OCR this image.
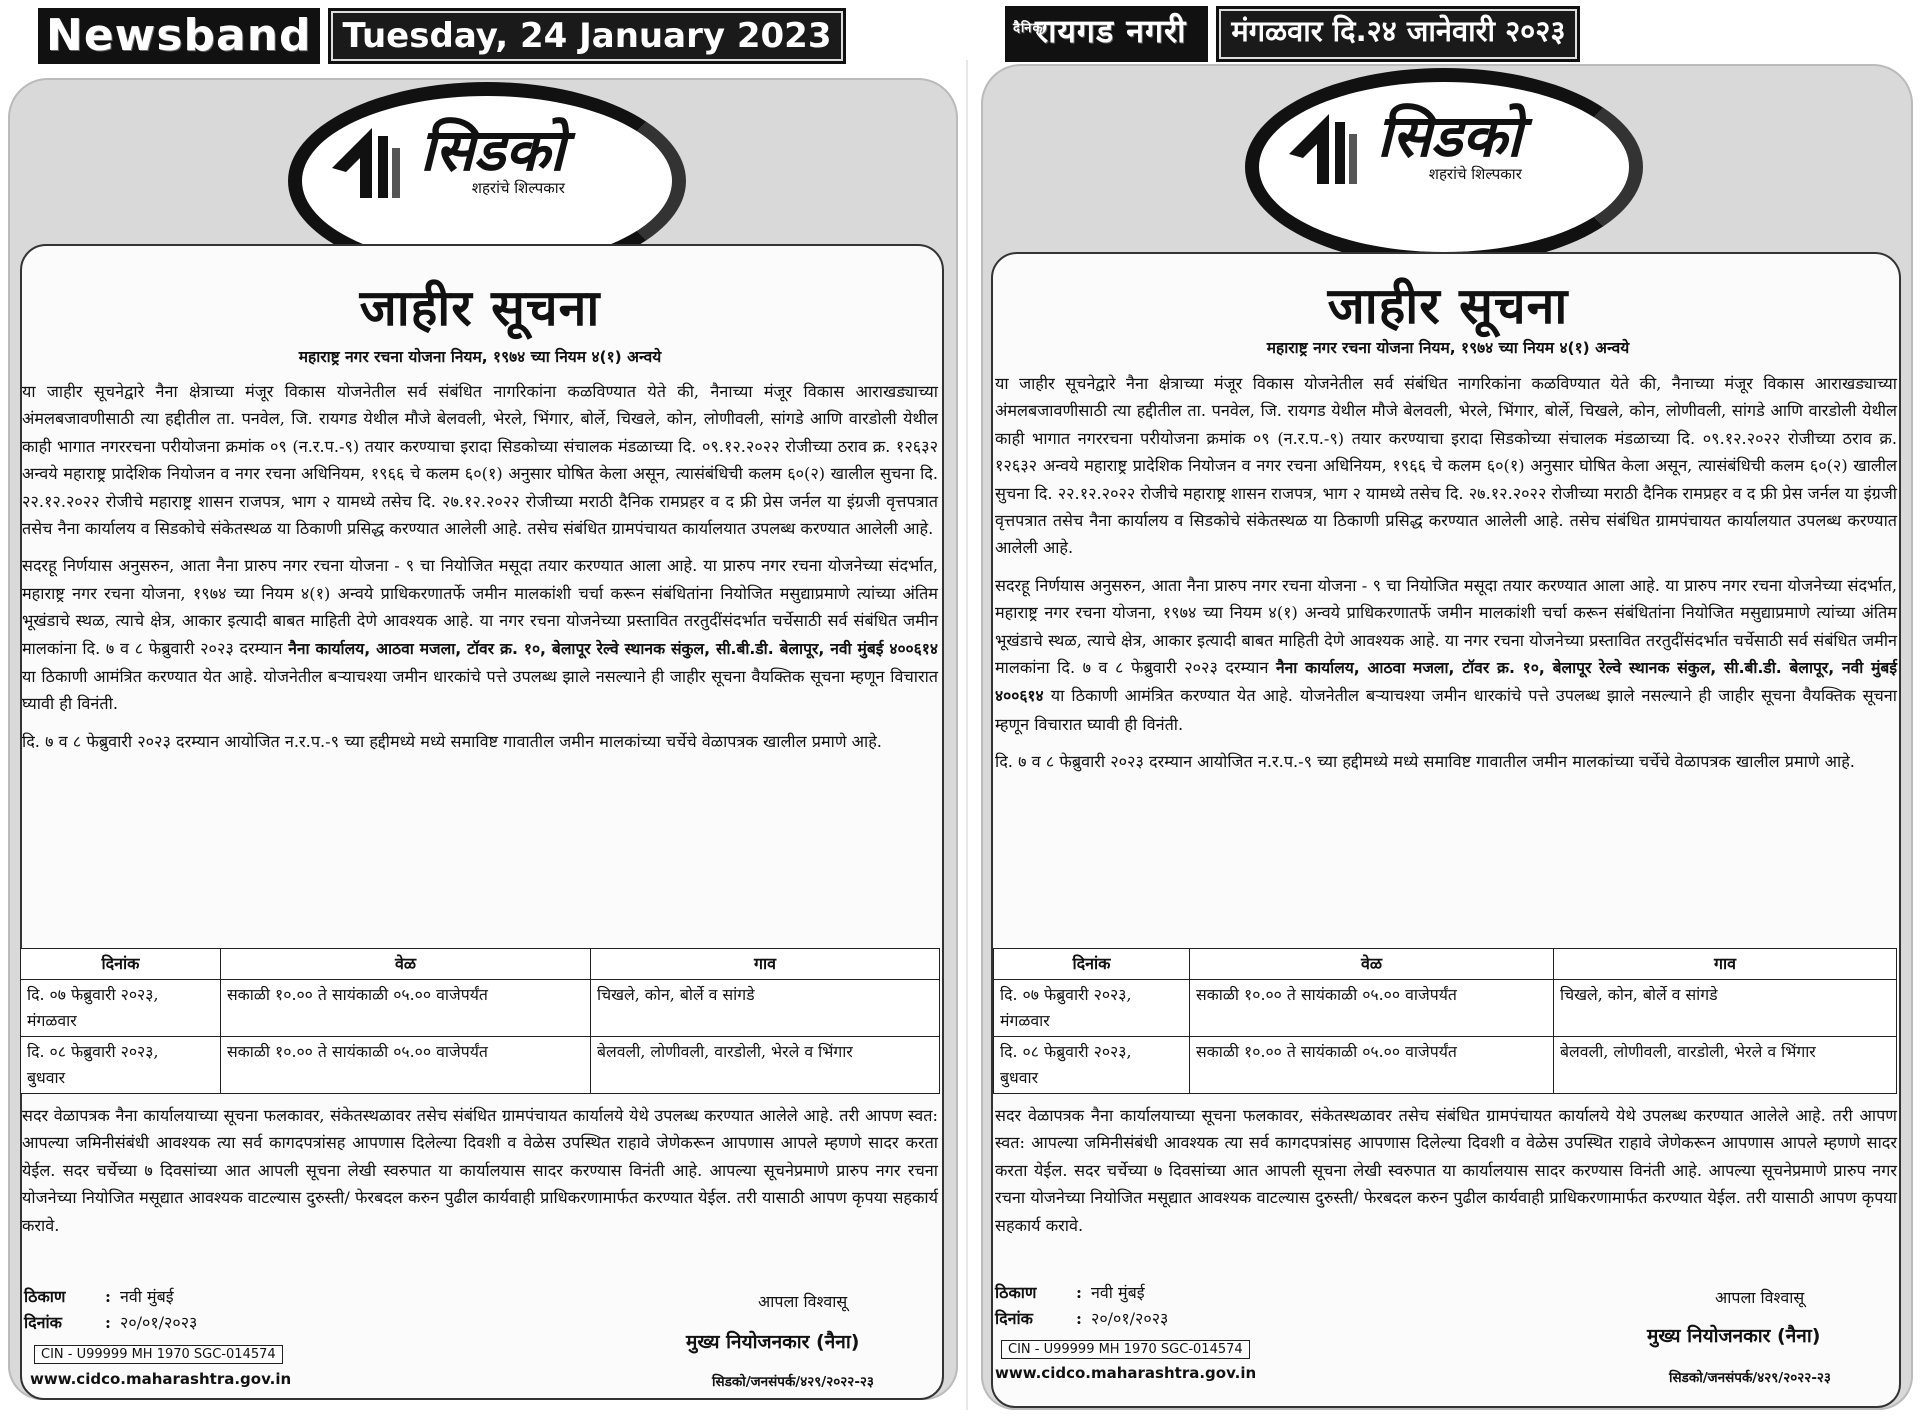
Newsband Tuesday, 24 January 2023
सिडको
शहरांचे शिल्पकार
जाहीर सूचना
महाराष्ट्र नगर रचना योजना नियम, १९७४ च्या नियम ४(१) अन्वये

या जाहीर सूचनेद्वारे नैना क्षेत्राच्या मंजूर विकास योजनेतील सर्व संबंधित नागरिकांना कळविण्यात येते की, नैनाच्या मंजूर विकास आराखड्याच्या अंमलबजावणीसाठी त्या हद्दीतील ता. पनवेल, जि. रायगड येथील मौजे बेलवली, भेरले, भिंगार, बोर्ले, चिखले, कोन, लोणीवली, सांगडे आणि वारडोली येथील काही भागात नगररचना परीयोजना क्रमांक ०९ (न.र.प.-९) तयार करण्याचा इरादा सिडकोच्या संचालक मंडळाच्या दि. ०९.१२.२०२२ रोजीच्या ठराव क्र. १२६३२ अन्वये महाराष्ट्र प्रादेशिक नियोजन व नगर रचना अधिनियम, १९६६ चे कलम ६०(१) अनुसार घोषित केला असून, त्यासंबंधिची कलम ६०(२) खालील सुचना दि. २२.१२.२०२२ रोजीचे महाराष्ट्र शासन राजपत्र, भाग २ यामध्ये तसेच दि. २७.१२.२०२२ रोजीच्या मराठी दैनिक रामप्रहर व द फ्री प्रेस जर्नल या इंग्रजी वृत्तपत्रात तसेच नैना कार्यालय व सिडकोचे संकेतस्थळ या ठिकाणी प्रसिद्ध करण्यात आलेली आहे. तसेच संबंधित ग्रामपंचायत कार्यालयात उपलब्ध करण्यात आलेली आहे.

सदरहू निर्णयास अनुसरुन, आता नैना प्रारुप नगर रचना योजना - ९ चा नियोजित मसूदा तयार करण्यात आला आहे. या प्रारुप नगर रचना योजनेच्या संदर्भात, महाराष्ट्र नगर रचना योजना, १९७४ च्या नियम ४(१) अन्वये प्राधिकरणातर्फे जमीन मालकांशी चर्चा करून संबंधितांना नियोजित मसुद्याप्रमाणे त्यांच्या अंतिम भूखंडाचे स्थळ, त्याचे क्षेत्र, आकार इत्यादी बाबत माहिती देणे आवश्यक आहे. या नगर रचना योजनेच्या प्रस्तावित तरतुदींसंदर्भात चर्चेसाठी सर्व संबंधित जमीन मालकांना दि. ७ व ८ फेब्रुवारी २०२३ दरम्यान नैना कार्यालय, आठवा मजला, टॉवर क्र. १०, बेलापूर रेल्वे स्थानक संकुल, सी.बी.डी. बेलापूर, नवी मुंबई ४००६१४ या ठिकाणी आमंत्रित करण्यात येत आहे. योजनेतील बऱ्याचश्या जमीन धारकांचे पत्ते उपलब्ध झाले नसल्याने ही जाहीर सूचना वैयक्तिक सूचना म्हणून विचारात घ्यावी ही विनंती.

दि. ७ व ८ फेब्रुवारी २०२३ दरम्यान आयोजित न.र.प.-९ च्या हद्दीमध्ये मध्ये समाविष्ट गावातील जमीन मालकांच्या चर्चेचे वेळापत्रक खालील प्रमाणे आहे.

दिनांक	वेळ	गाव
दि. ०७ फेब्रुवारी २०२३,
मंगळवार	सकाळी १०.०० ते सायंकाळी ०५.०० वाजेपर्यंत	चिखले, कोन, बोर्ले व सांगडे
दि. ०८ फेब्रुवारी २०२३,
बुधवार	सकाळी १०.०० ते सायंकाळी ०५.०० वाजेपर्यंत	बेलवली, लोणीवली, वारडोली, भेरले व भिंगार

सदर वेळापत्रक नैना कार्यालयाच्या सूचना फलकावर, संकेतस्थळावर तसेच संबंधित ग्रामपंचायत कार्यालये येथे उपलब्ध करण्यात आलेले आहे. तरी आपण स्वत: आपल्या जमिनीसंबंधी आवश्यक त्या सर्व कागदपत्रांसह आपणास दिलेल्या दिवशी व वेळेस उपस्थित राहावे जेणेकरून आपणास आपले म्हणणे सादर करता येईल. सदर चर्चेच्या ७ दिवसांच्या आत आपली सूचना लेखी स्वरुपात या कार्यालयास सादर करण्यास विनंती आहे. आपल्या सूचनेप्रमाणे प्रारुप नगर रचना योजनेच्या नियोजित मसूद्यात आवश्यक वाटल्यास दुरुस्ती/ फेरबदल करुन पुढील कार्यवाही प्राधिकरणामार्फत करण्यात येईल. तरी यासाठी आपण कृपया सहकार्य करावे.

ठिकाण : नवी मुंबई
दिनांक	: २०/०१/२०२३
CIN - U99999 MH 1970 SGC-014574
www.cidco.maharashtra.gov.in
आपला विश्वासू
मुख्य नियोजनकार (नैना)
सिडको/जनसंपर्क/४२९/२०२२-२३
दैनिक
रायगड नगरी	मंगळवार दि.२४ जानेवारी २०२३
सिडको
शहरांचे शिल्पकार
जाहीर सूचना
महाराष्ट्र नगर रचना योजना नियम, १९७४ च्या नियम ४(१) अन्वये

या जाहीर सूचनेद्वारे नैना क्षेत्राच्या मंजूर विकास योजनेतील सर्व संबंधित नागरिकांना कळविण्यात येते की, नैनाच्या मंजूर विकास आराखड्याच्या अंमलबजावणीसाठी त्या हद्दीतील ता. पनवेल, जि. रायगड येथील मौजे बेलवली, भेरले, भिंगार, बोर्ले, चिखले, कोन, लोणीवली, सांगडे आणि वारडोली येथील काही भागात नगररचना परीयोजना क्रमांक ०९ (न.र.प.-९) तयार करण्याचा इरादा सिडकोच्या संचालक मंडळाच्या दि. ०९.१२.२०२२ रोजीच्या ठराव क्र. १२६३२ अन्वये महाराष्ट्र प्रादेशिक नियोजन व नगर रचना अधिनियम, १९६६ चे कलम ६०(१) अनुसार घोषित केला असून, त्यासंबंधिची कलम ६०(२) खालील सुचना दि. २२.१२.२०२२ रोजीचे महाराष्ट्र शासन राजपत्र, भाग २ यामध्ये तसेच दि. २७.१२.२०२२ रोजीच्या मराठी दैनिक रामप्रहर व द फ्री प्रेस जर्नल या इंग्रजी वृत्तपत्रात तसेच नैना कार्यालय व सिडकोचे संकेतस्थळ या ठिकाणी प्रसिद्ध करण्यात आलेली आहे. तसेच संबंधित ग्रामपंचायत कार्यालयात उपलब्ध करण्यात आलेली आहे.

सदरहू निर्णयास अनुसरुन, आता नैना प्रारुप नगर रचना योजना - ९ चा नियोजित मसूदा तयार करण्यात आला आहे. या प्रारुप नगर रचना योजनेच्या संदर्भात, महाराष्ट्र नगर रचना योजना, १९७४ च्या नियम ४(१) अन्वये प्राधिकरणातर्फे जमीन मालकांशी चर्चा करून संबंधितांना नियोजित मसुद्याप्रमाणे त्यांच्या अंतिम भूखंडाचे स्थळ, त्याचे क्षेत्र, आकार इत्यादी बाबत माहिती देणे आवश्यक आहे. या नगर रचना योजनेच्या प्रस्तावित तरतुदींसंदर्भात चर्चेसाठी सर्व संबंधित जमीन मालकांना दि. ७ व ८ फेब्रुवारी २०२३ दरम्यान नैना कार्यालय, आठवा मजला, टॉवर क्र. १०, बेलापूर रेल्वे स्थानक संकुल, सी.बी.डी. बेलापूर, नवी मुंबई ४००६१४ या ठिकाणी आमंत्रित करण्यात येत आहे. योजनेतील बऱ्याचश्या जमीन धारकांचे पत्ते उपलब्ध झाले नसल्याने ही जाहीर सूचना वैयक्तिक सूचना म्हणून विचारात घ्यावी ही विनंती.

दि. ७ व ८ फेब्रुवारी २०२३ दरम्यान आयोजित न.र.प.-९ च्या हद्दीमध्ये मध्ये समाविष्ट गावातील जमीन मालकांच्या चर्चेचे वेळापत्रक खालील प्रमाणे आहे.

दिनांक	वेळ	गाव
दि. ०७ फेब्रुवारी २०२३,
मंगळवार	सकाळी १०.०० ते सायंकाळी ०५.०० वाजेपर्यंत	चिखले, कोन, बोर्ले व सांगडे
दि. ०८ फेब्रुवारी २०२३,
बुधवार	सकाळी १०.०० ते सायंकाळी ०५.०० वाजेपर्यंत	बेलवली, लोणीवली, वारडोली, भेरले व भिंगार

सदर वेळापत्रक नैना कार्यालयाच्या सूचना फलकावर, संकेतस्थळावर तसेच संबंधित ग्रामपंचायत कार्यालये येथे उपलब्ध करण्यात आलेले आहे. तरी आपण स्वत: आपल्या जमिनीसंबंधी आवश्यक त्या सर्व कागदपत्रांसह आपणास दिलेल्या दिवशी व वेळेस उपस्थित राहावे जेणेकरून आपणास आपले म्हणणे सादर करता येईल. सदर चर्चेच्या ७ दिवसांच्या आत आपली सूचना लेखी स्वरुपात या कार्यालयास सादर करण्यास विनंती आहे. आपल्या सूचनेप्रमाणे प्रारुप नगर रचना योजनेच्या नियोजित मसूद्यात आवश्यक वाटल्यास दुरुस्ती/ फेरबदल करुन पुढील कार्यवाही प्राधिकरणामार्फत करण्यात येईल. तरी यासाठी आपण कृपया सहकार्य करावे.

ठिकाण : नवी मुंबई
दिनांक	: २०/०१/२०२३
CIN - U99999 MH 1970 SGC-014574
www.cidco.maharashtra.gov.in
आपला विश्वासू
मुख्य नियोजनकार (नैना)
सिडको/जनसंपर्क/४२९/२०२२-२३
